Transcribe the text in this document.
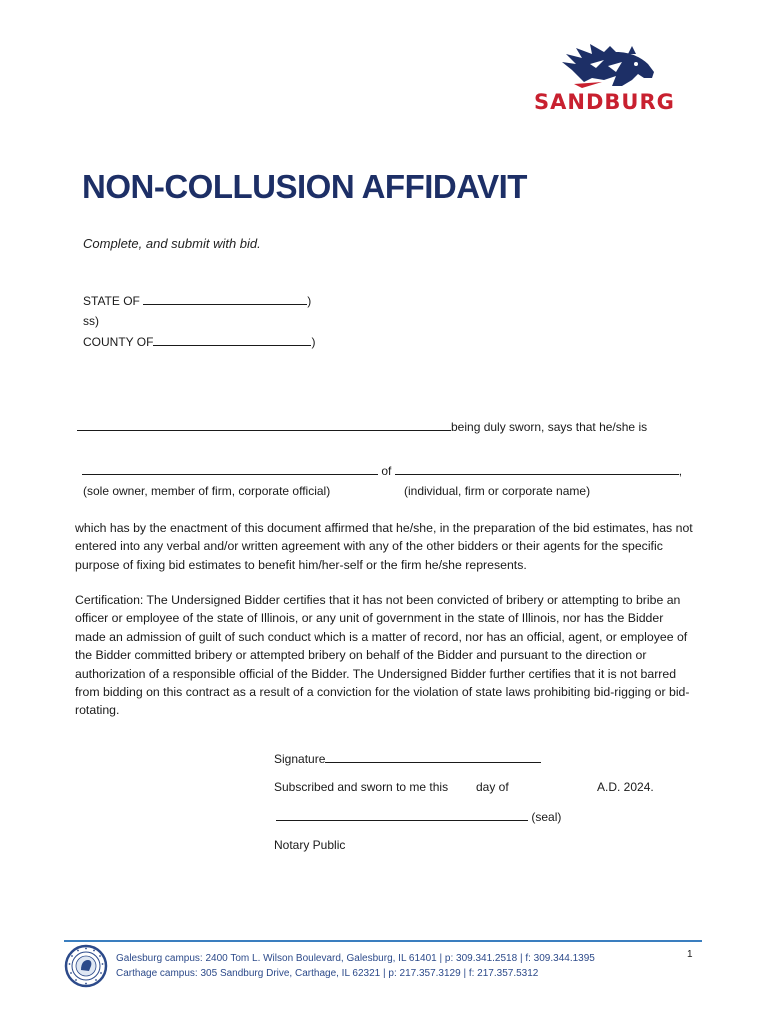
SANDBURG
NON-COLLUSION AFFIDAVIT
Complete, and submit with bid.
STATE OF	)
ss)
COUNTY OF	)
being duly sworn, says that he/she is
of	,
(sole owner, member of firm, corporate official)	(individual, firm or corporate name)
which has by the enactment of this document affirmed that he/she, in the preparation of the bid estimates, has not entered into any verbal and/or written agreement with any of the other bidders or their agents for the specific purpose of fixing bid estimates to benefit him/her-self or the firm he/she represents.
Certification: The Undersigned Bidder certifies that it has not been convicted of bribery or attempting to bribe an officer or employee of the state of Illinois, or any unit of government in the state of Illinois, nor has the Bidder made an admission of guilt of such conduct which is a matter of record, nor has an official, agent, or employee of the Bidder committed bribery or attempted bribery on behalf of the Bidder and pursuant to the direction or authorization of a responsible official of the Bidder. The Undersigned Bidder further certifies that it is not barred from bidding on this contract as a result of a conviction for the violation of state laws prohibiting bid-rigging or bid-rotating.
Signature
Subscribed and sworn to me this day of	A.D. 2024.
(seal)
Notary Public
Galesburg campus: 2400 Tom L. Wilson Boulevard, Galesburg, IL 61401 | p: 309.341.2518 | f: 309.344.1395
Carthage campus: 305 Sandburg Drive, Carthage, IL 62321 | p: 217.357.3129 | f: 217.357.5312
1
